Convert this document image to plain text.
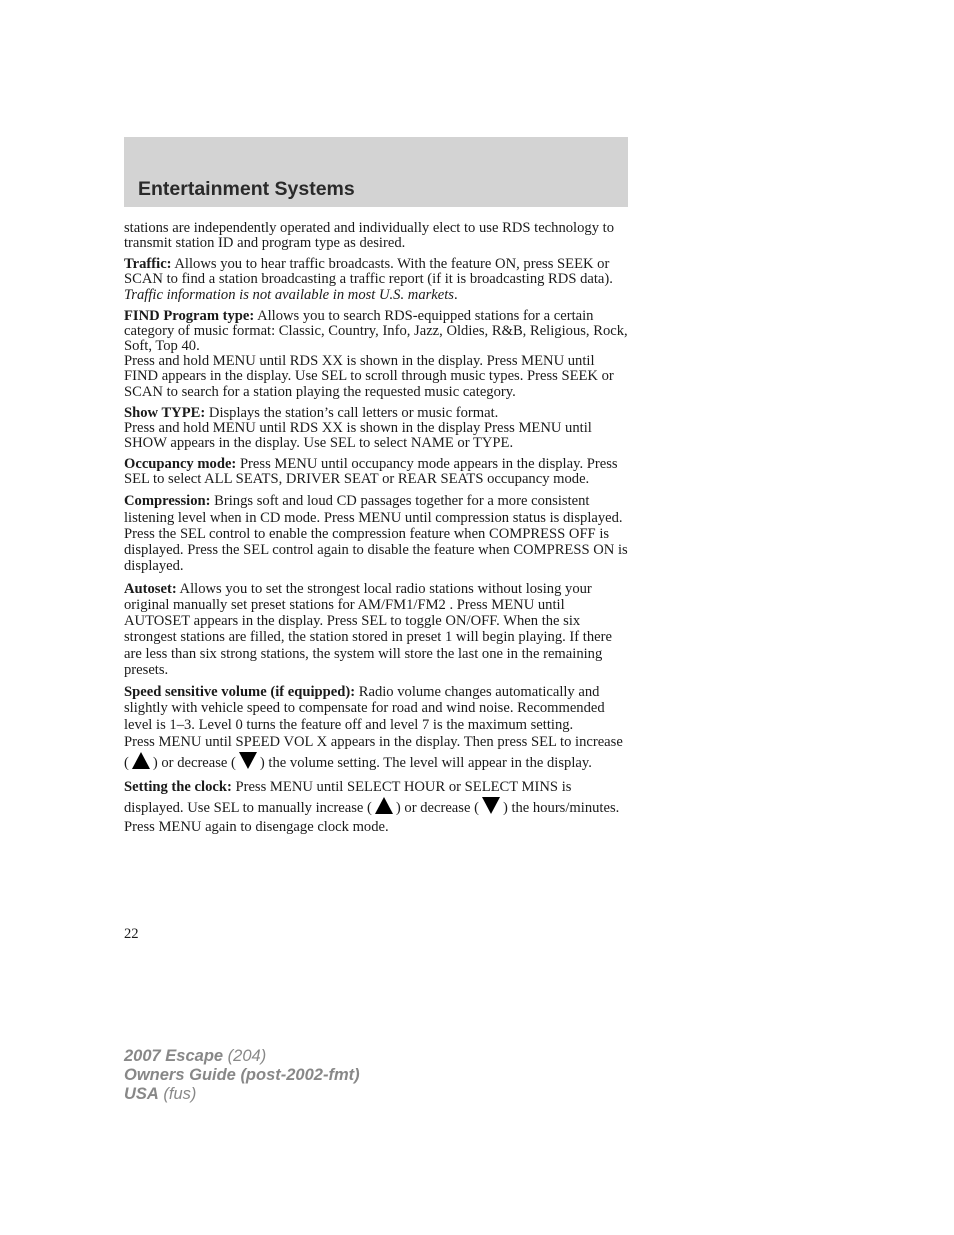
Entertainment Systems

stations are independently operated and individually elect to use RDS technology to transmit station ID and program type as desired.

Traffic: Allows you to hear traffic broadcasts. With the feature ON, press SEEK or SCAN to find a station broadcasting a traffic report (if it is broadcasting RDS data). Traffic information is not available in most U.S. markets.

FIND Program type: Allows you to search RDS-equipped stations for a certain category of music format: Classic, Country, Info, Jazz, Oldies, R&B, Religious, Rock, Soft, Top 40.

Press and hold MENU until RDS XX is shown in the display. Press MENU until FIND appears in the display. Use SEL to scroll through music types. Press SEEK or SCAN to search for a station playing the requested music category.

Show TYPE: Displays the station’s call letters or music format.

Press and hold MENU until RDS XX is shown in the display Press MENU until SHOW appears in the display. Use SEL to select NAME or TYPE.

Occupancy mode: Press MENU until occupancy mode appears in the display. Press SEL to select ALL SEATS, DRIVER SEAT or REAR SEATS occupancy mode.

Compression: Brings soft and loud CD passages together for a more consistent listening level when in CD mode. Press MENU until compression status is displayed. Press the SEL control to enable the compression feature when COMPRESS OFF is displayed. Press the SEL control again to disable the feature when COMPRESS ON is displayed.

Autoset: Allows you to set the strongest local radio stations without losing your original manually set preset stations for AM/FM1/FM2 . Press MENU until AUTOSET appears in the display. Press SEL to toggle ON/OFF. When the six strongest stations are filled, the station stored in preset 1 will begin playing. If there are less than six strong stations, the system will store the last one in the remaining presets.

Speed sensitive volume (if equipped): Radio volume changes automatically and slightly with vehicle speed to compensate for road and wind noise. Recommended level is 1–3. Level 0 turns the feature off and level 7 is the maximum setting.

Press MENU until SPEED VOL X appears in the display. Then press SEL to increase ( ) or decrease ( ) the volume setting. The level will appear in the display.

Setting the clock: Press MENU until SELECT HOUR or SELECT MINS is displayed. Use SEL to manually increase ( ) or decrease ( ) the hours/minutes. Press MENU again to disengage clock mode.

22
2007 Escape (204)
Owners Guide (post-2002-fmt)
USA (fus)
